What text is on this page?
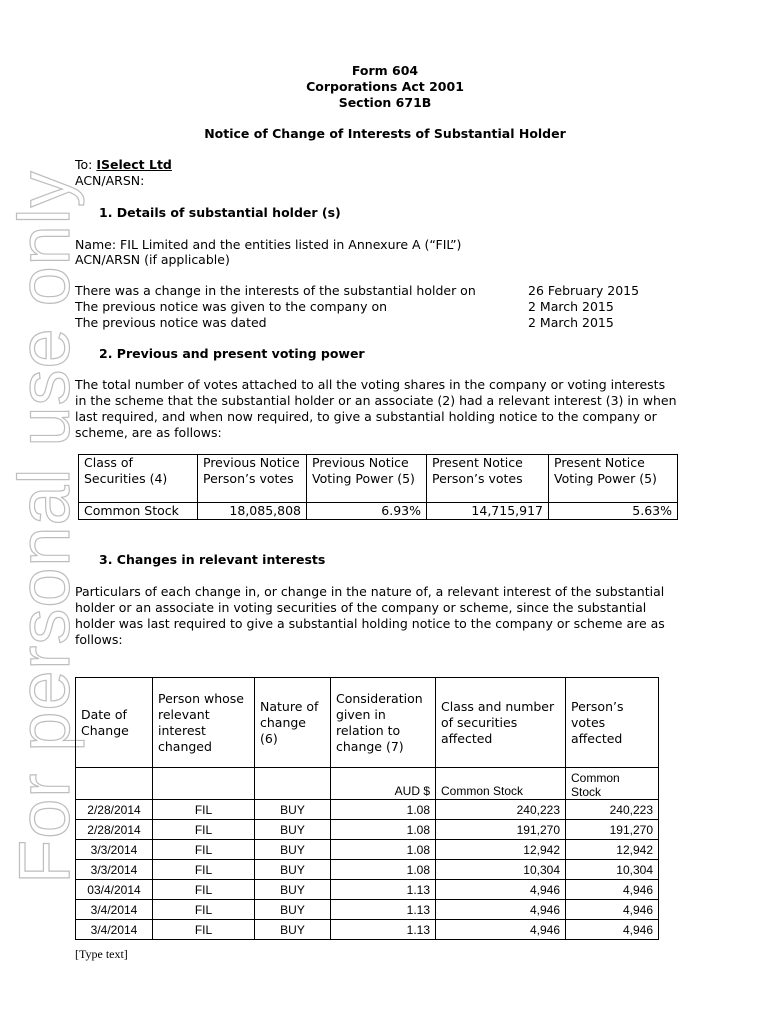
For personal use only
Form 604
Corporations Act 2001
Section 671B
Notice of Change of Interests of Substantial Holder
To: ISelect Ltd
ACN/ARSN:
1. Details of substantial holder (s)
Name: FIL Limited and the entities listed in Annexure A (“FIL”)
ACN/ARSN (if applicable)
There was a change in the interests of the substantial holder on	26 February 2015
The previous notice was given to the company on	2 March 2015
The previous notice was dated	2 March 2015
2. Previous and present voting power
The total number of votes attached to all the voting shares in the company or voting interests in the scheme that the substantial holder or an associate (2) had a relevant interest (3) in when last required, and when now required, to give a substantial holding notice to the company or scheme, are as follows:
Class of Securities (4)	Previous Notice Person’s votes	Previous Notice Voting Power (5)	Present Notice Person’s votes	Present Notice Voting Power (5)
Common Stock	18,085,808	6.93%	14,715,917	5.63%
3. Changes in relevant interests
Particulars of each change in, or change in the nature of, a relevant interest of the substantial holder or an associate in voting securities of the company or scheme, since the substantial holder was last required to give a substantial holding notice to the company or scheme are as follows:
Date of Change	Person whose relevant interest changed	Nature of change (6)	Consideration given in relation to change (7)	Class and number of securities affected	Person’s votes affected
			AUD $	Common Stock	Common Stock
2/28/2014	FIL	BUY	1.08	240,223	240,223
2/28/2014	FIL	BUY	1.08	191,270	191,270
3/3/2014	FIL	BUY	1.08	12,942	12,942
3/3/2014	FIL	BUY	1.08	10,304	10,304
03/4/2014	FIL	BUY	1.13	4,946	4,946
3/4/2014	FIL	BUY	1.13	4,946	4,946
3/4/2014	FIL	BUY	1.13	4,946	4,946
[Type text]
